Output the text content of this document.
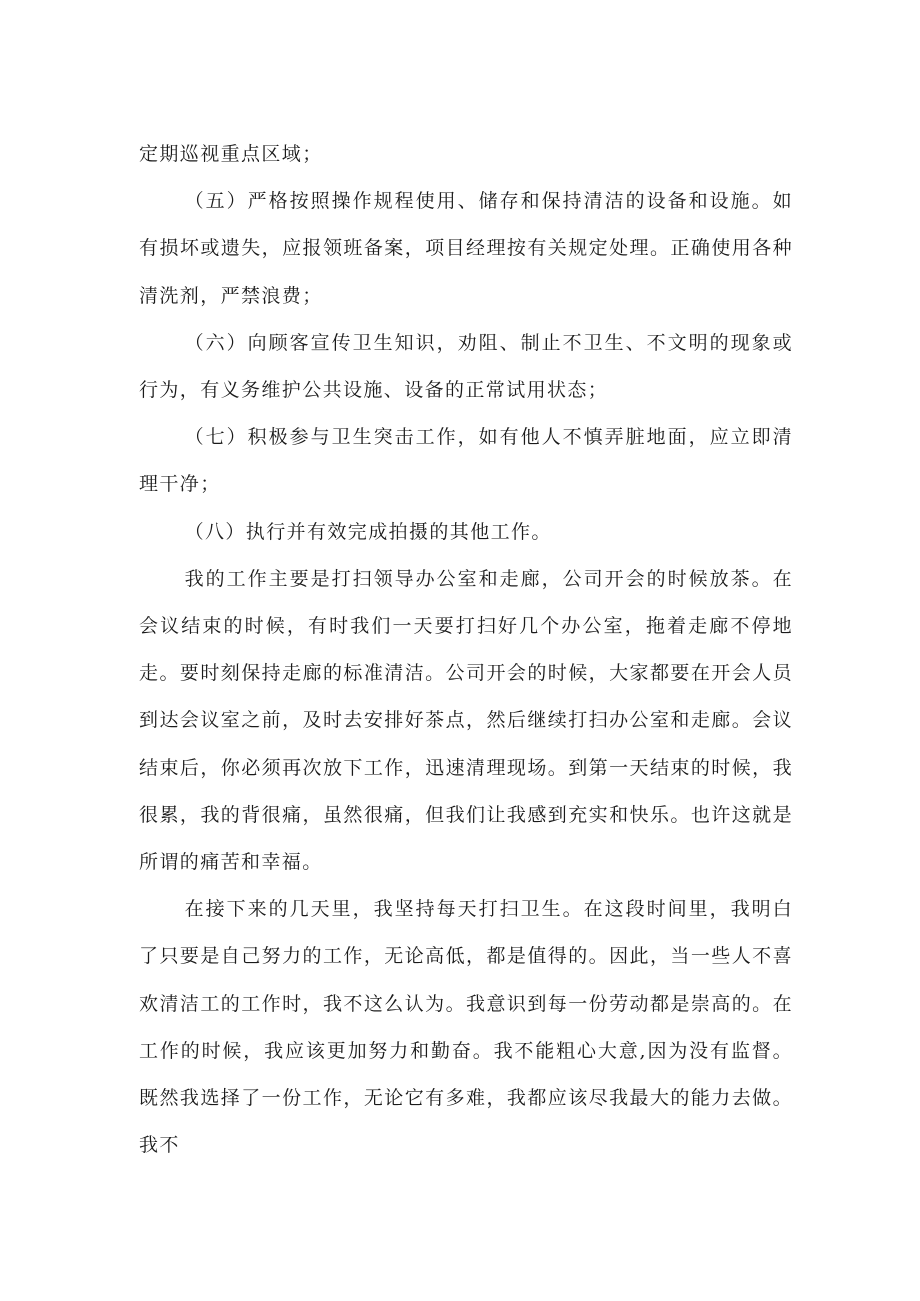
定期巡视重点区域；

（五）严格按照操作规程使用、储存和保持清洁的设备和设施。如有损坏或遗失，应报领班备案，项目经理按有关规定处理。正确使用各种清洗剂，严禁浪费；

（六）向顾客宣传卫生知识，劝阻、制止不卫生、不文明的现象或行为，有义务维护公共设施、设备的正常试用状态；

（七）积极参与卫生突击工作，如有他人不慎弄脏地面，应立即清理干净；

（八）执行并有效完成拍摄的其他工作。

我的工作主要是打扫领导办公室和走廊，公司开会的时候放茶。在会议结束的时候，有时我们一天要打扫好几个办公室，拖着走廊不停地走。要时刻保持走廊的标准清洁。公司开会的时候，大家都要在开会人员到达会议室之前，及时去安排好茶点，然后继续打扫办公室和走廊。会议结束后，你必须再次放下工作，迅速清理现场。到第一天结束的时候，我很累，我的背很痛，虽然很痛，但我们让我感到充实和快乐。也许这就是所谓的痛苦和幸福。

在接下来的几天里，我坚持每天打扫卫生。在这段时间里，我明白了只要是自己努力的工作，无论高低，都是值得的。因此，当一些人不喜欢清洁工的工作时，我不这么认为。我意识到每一份劳动都是崇高的。在工作的时候，我应该更加努力和勤奋。我不能粗心大意,因为没有监督。既然我选择了一份工作，无论它有多难，我都应该尽我最大的能力去做。我不
